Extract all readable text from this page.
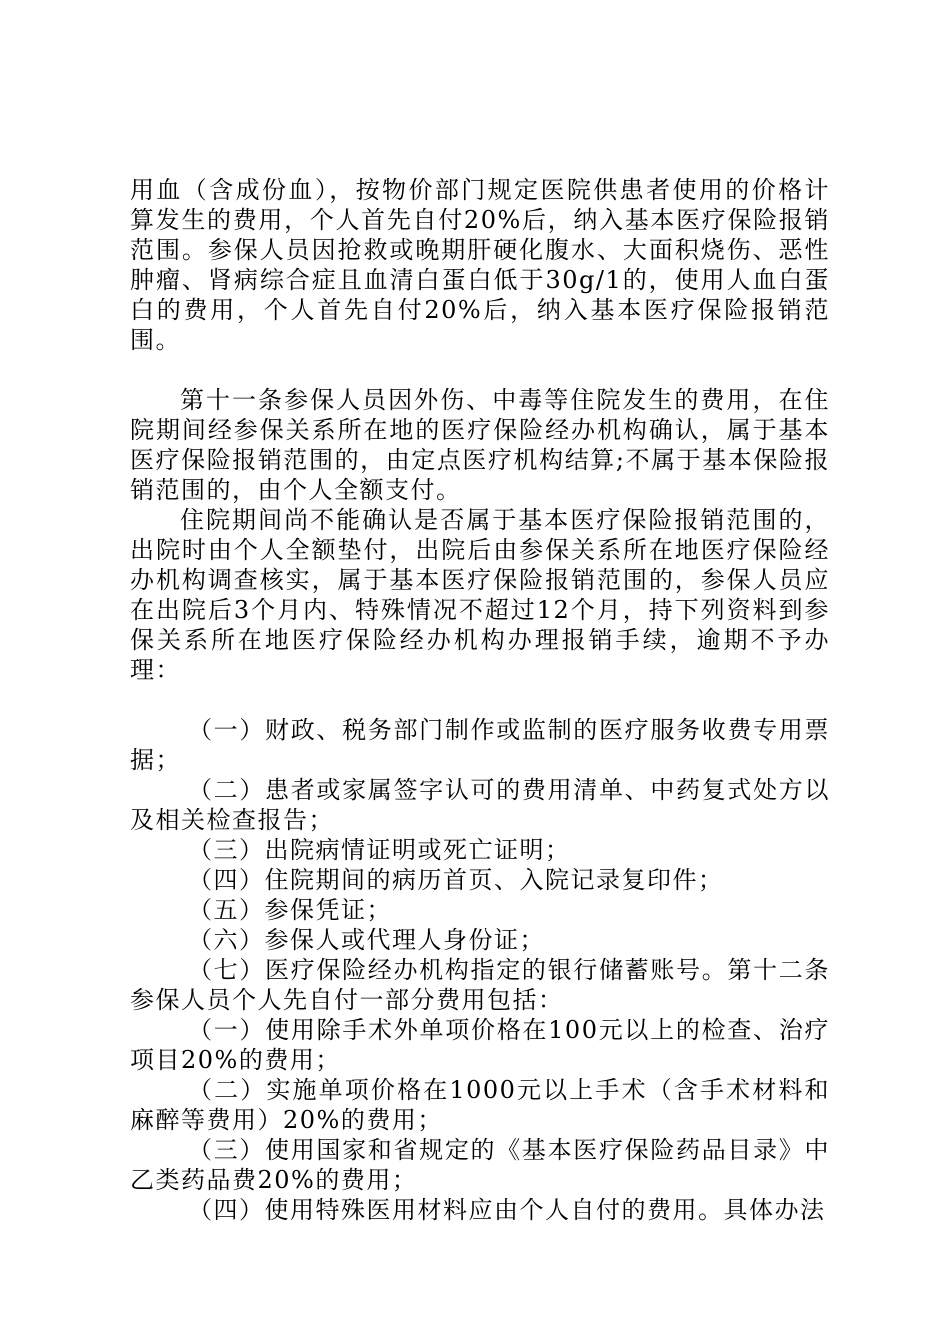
用血（含成份血），按物价部门规定医院供患者使用的价格计算发生的费用，个人首先自付20%后，纳入基本医疗保险报销范围。参保人员因抢救或晚期肝硬化腹水、大面积烧伤、恶性肿瘤、肾病综合症且血清白蛋白低于30g/1的，使用人血白蛋白的费用，个人首先自付20%后，纳入基本医疗保险报销范围。

第十一条参保人员因外伤、中毒等住院发生的费用，在住院期间经参保关系所在地的医疗保险经办机构确认，属于基本医疗保险报销范围的，由定点医疗机构结算;不属于基本保险报销范围的，由个人全额支付。

住院期间尚不能确认是否属于基本医疗保险报销范围的，出院时由个人全额垫付，出院后由参保关系所在地医疗保险经办机构调查核实，属于基本医疗保险报销范围的，参保人员应在出院后3个月内、特殊情况不超过12个月，持下列资料到参保关系所在地医疗保险经办机构办理报销手续，逾期不予办理：

（一）财政、税务部门制作或监制的医疗服务收费专用票据；

（二）患者或家属签字认可的费用清单、中药复式处方以及相关检查报告；

（三）出院病情证明或死亡证明；

（四）住院期间的病历首页、入院记录复印件；

（五）参保凭证；

（六）参保人或代理人身份证；

（七）医疗保险经办机构指定的银行储蓄账号。第十二条参保人员个人先自付一部分费用包括：

（一）使用除手术外单项价格在100元以上的检查、治疗项目20%的费用；

（二）实施单项价格在1000元以上手术（含手术材料和麻醉等费用）20%的费用；

（三）使用国家和省规定的《基本医疗保险药品目录》中乙类药品费20%的费用；

（四）使用特殊医用材料应由个人自付的费用。具体办法
